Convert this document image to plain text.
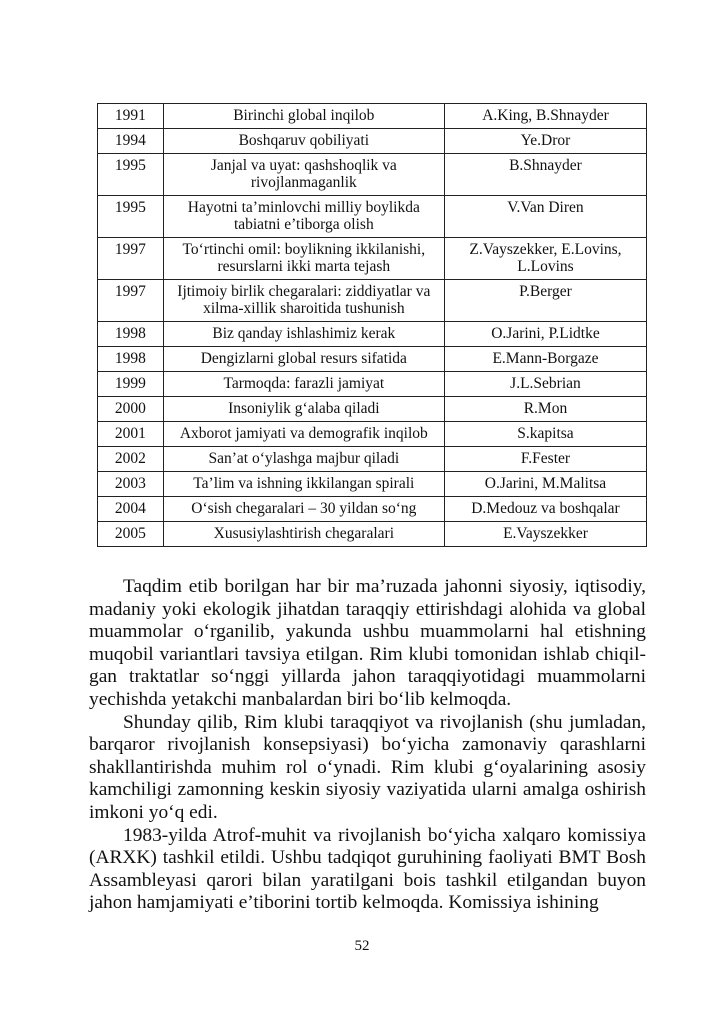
1991	Birinchi global inqilob	A.King, B.Shnayder
1994	Boshqaruv qobiliyati	Ye.Dror
1995	Janjal va uyat: qashshoqlik va rivojlanmaganlik	B.Shnayder
1995	Hayotni ta’minlovchi milliy boylikda tabiatni e’tiborga olish	V.Van Diren
1997	To‘rtinchi omil: boylikning ikkilanishi, resurslarni ikki marta tejash	Z.Vayszekker, E.Lovins, L.Lovins
1997	Ijtimoiy birlik chegaralari: ziddiyatlar va xilma-xillik sharoitida tushunish	P.Berger
1998	Biz qanday ishlashimiz kerak	O.Jarini, P.Lidtke
1998	Dengizlarni global resurs sifatida	E.Mann-Borgaze
1999	Tarmoqda: farazli jamiyat	J.L.Sebrian
2000	Insoniylik g‘alaba qiladi	R.Mon
2001	Axborot jamiyati va demografik inqilob	S.kapitsa
2002	San’at o‘ylashga majbur qiladi	F.Fester
2003	Ta’lim va ishning ikkilangan spirali	O.Jarini, M.Malitsa
2004	O‘sish chegaralari – 30 yildan so‘ng	D.Medouz va boshqalar
2005	Xususiylashtirish chegaralari	E.Vayszekker

Taqdim etib borilgan har bir ma’ruzada jahonni siyosiy, iqtisodiy, madaniy yoki ekologik jihatdan taraqqiy ettirishdagi alohida va global muammolar o‘rganilib, yakunda ushbu muammolarni hal etishning muqobil variantlari tavsiya etilgan. Rim klubi tomonidan ishlab chiqilgan traktatlar so‘nggi yillarda jahon taraqqiyotidagi muammolarni yechishda yetakchi manbalardan biri bo‘lib kelmoqda.

Shunday qilib, Rim klubi taraqqiyot va rivojlanish (shu jumladan, barqaror rivojlanish konsepsiyasi) bo‘yicha zamonaviy qarashlarni shakllantirishda muhim rol o‘ynadi. Rim klubi g‘oyalarining asosiy kamchiligi zamonning keskin siyosiy vaziyatida ularni amalga oshirish imkoni yo‘q edi.

1983-yilda Atrof-muhit va rivojlanish bo‘yicha xalqaro komissiya (ARXK) tashkil etildi. Ushbu tadqiqot guruhining faoliyati BMT Bosh Assambleyasi qarori bilan yaratilgani bois tashkil etilgandan buyon jahon hamjamiyati e’tiborini tortib kelmoqda. Komissiya ishining

52
